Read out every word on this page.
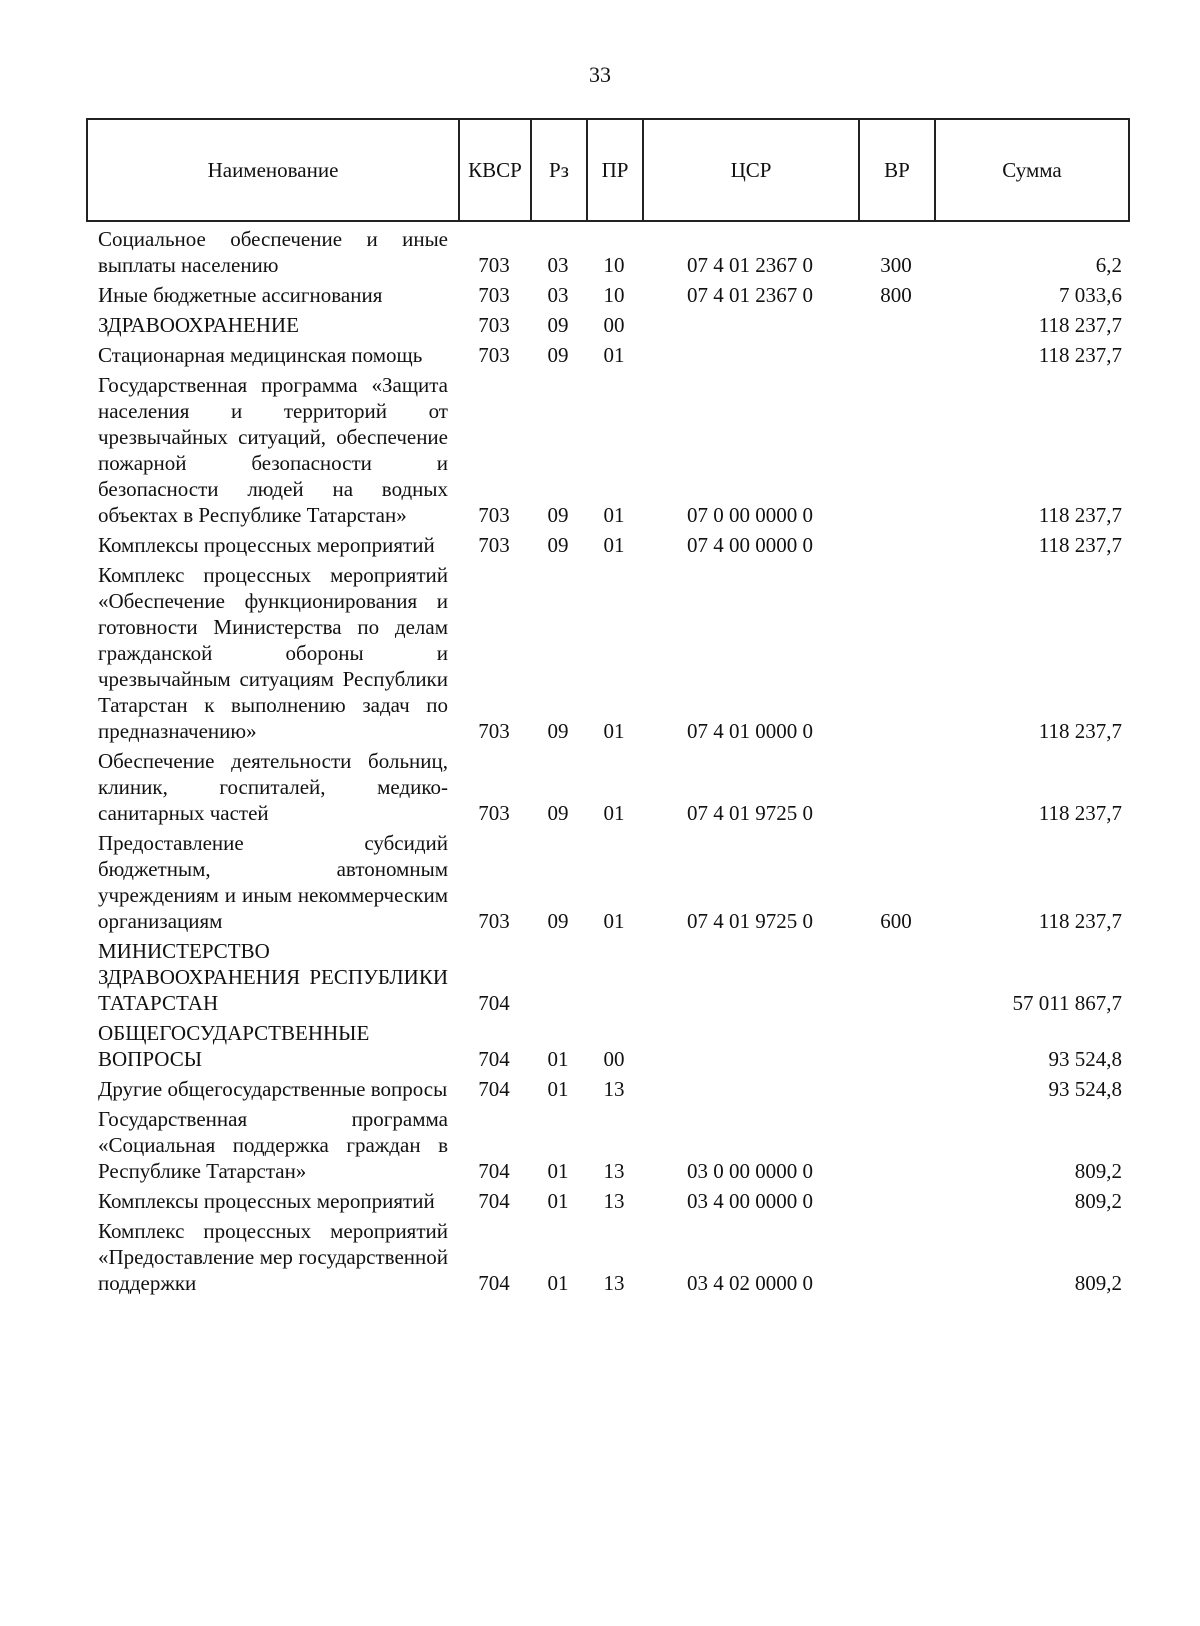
33
Наименование	КВСР	Рз	ПР	ЦСР	ВР	Сумма
Социальное обеспечение и иные выплаты населению	703	03	10	07 4 01 2367 0	300	6,2
Иные бюджетные ассигнования	703	03	10	07 4 01 2367 0	800	7 033,6
ЗДРАВООХРАНЕНИЕ	703	09	00			118 237,7
Стационарная медицинская помощь	703	09	01			118 237,7
Государственная программа «Защита населения и территорий от чрезвычайных ситуаций, обеспечение пожарной безопасности и безопасности людей на водных объектах в Республике Татарстан»	703	09	01	07 0 00 0000 0		118 237,7
Комплексы процессных мероприятий	703	09	01	07 4 00 0000 0		118 237,7
Комплекс процессных мероприятий «Обеспечение функционирования и готовности Министерства по делам гражданской обороны и чрезвычайным ситуациям Республики Татарстан к выполнению задач по предназначению»	703	09	01	07 4 01 0000 0		118 237,7
Обеспечение деятельности больниц, клиник, госпиталей, медико-санитарных частей	703	09	01	07 4 01 9725 0		118 237,7
Предоставление субсидий бюджетным, автономным учреждениям и иным некоммерческим организациям	703	09	01	07 4 01 9725 0	600	118 237,7
МИНИСТЕРСТВО ЗДРАВООХРАНЕНИЯ РЕСПУБЛИКИ ТАТАРСТАН	704					57 011 867,7
ОБЩЕГОСУДАРСТВЕННЫЕ ВОПРОСЫ	704	01	00			93 524,8
Другие общегосударственные вопросы	704	01	13			93 524,8
Государственная программа «Социальная поддержка граждан в Республике Татарстан»	704	01	13	03 0 00 0000 0		809,2
Комплексы процессных мероприятий	704	01	13	03 4 00 0000 0		809,2
Комплекс процессных мероприятий «Предоставление мер государственной поддержки	704	01	13	03 4 02 0000 0		809,2
